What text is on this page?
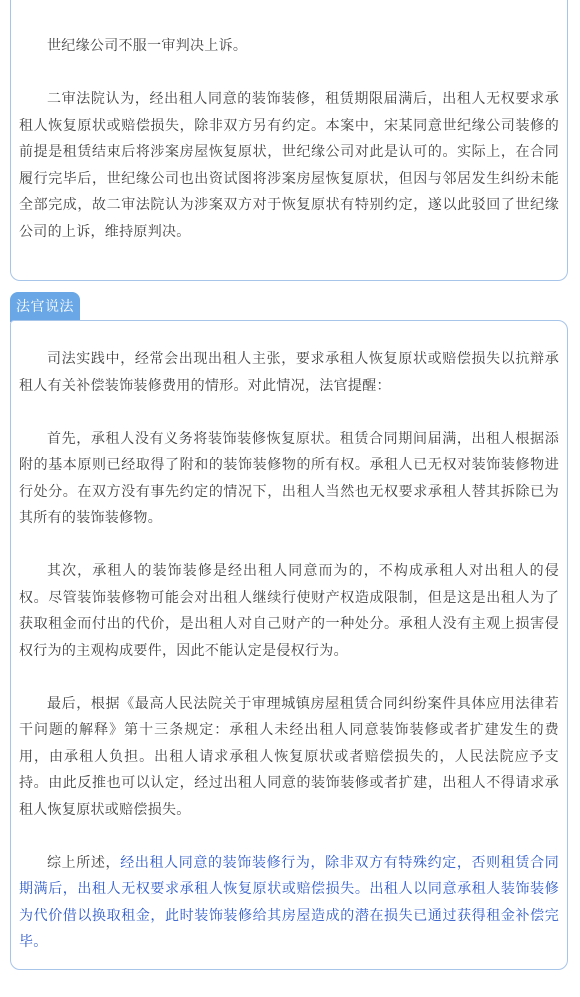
世纪缘公司不服一审判决上诉。

二审法院认为，经出租人同意的装饰装修，租赁期限届满后，出租人无权要求承租人恢复原状或赔偿损失，除非双方另有约定。本案中，宋某同意世纪缘公司装修的前提是租赁结束后将涉案房屋恢复原状，世纪缘公司对此是认可的。实际上，在合同履行完毕后，世纪缘公司也出资试图将涉案房屋恢复原状，但因与邻居发生纠纷未能全部完成，故二审法院认为涉案双方对于恢复原状有特别约定，遂以此驳回了世纪缘公司的上诉，维持原判决。

法官说法

司法实践中，经常会出现出租人主张，要求承租人恢复原状或赔偿损失以抗辩承租人有关补偿装饰装修费用的情形。对此情况，法官提醒：

首先，承租人没有义务将装饰装修恢复原状。租赁合同期间届满，出租人根据添附的基本原则已经取得了附和的装饰装修物的所有权。承租人已无权对装饰装修物进行处分。在双方没有事先约定的情况下，出租人当然也无权要求承租人替其拆除已为其所有的装饰装修物。

其次，承租人的装饰装修是经出租人同意而为的，不构成承租人对出租人的侵权。尽管装饰装修物可能会对出租人继续行使财产权造成限制，但是这是出租人为了获取租金而付出的代价，是出租人对自己财产的一种处分。承租人没有主观上损害侵权行为的主观构成要件，因此不能认定是侵权行为。

最后，根据《最高人民法院关于审理城镇房屋租赁合同纠纷案件具体应用法律若干问题的解释》第十三条规定：承租人未经出租人同意装饰装修或者扩建发生的费用，由承租人负担。出租人请求承租人恢复原状或者赔偿损失的，人民法院应予支持。由此反推也可以认定，经过出租人同意的装饰装修或者扩建，出租人不得请求承租人恢复原状或赔偿损失。

综上所述，经出租人同意的装饰装修行为，除非双方有特殊约定，否则租赁合同期满后，出租人无权要求承租人恢复原状或赔偿损失。出租人以同意承租人装饰装修为代价借以换取租金，此时装饰装修给其房屋造成的潜在损失已通过获得租金补偿完毕。
